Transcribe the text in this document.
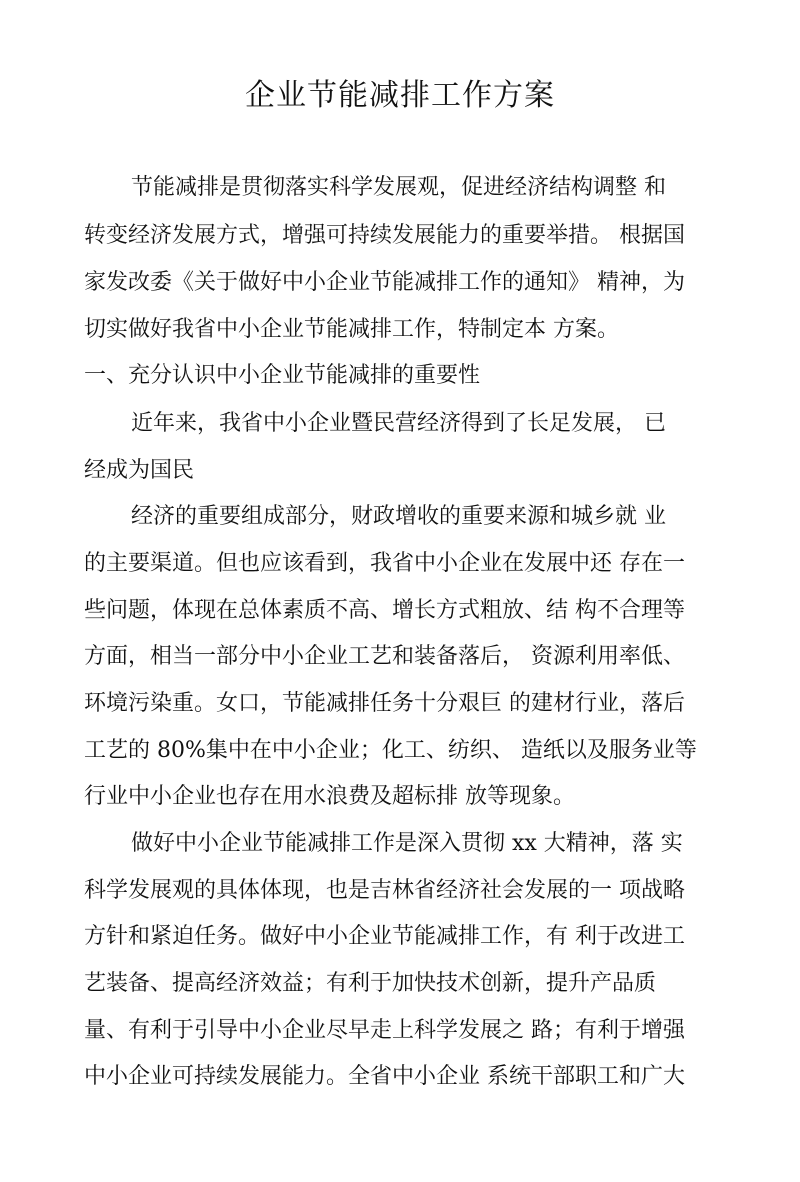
企业节能减排工作方案
节能减排是贯彻落实科学发展观，促进经济结构调整 和
转变经济发展方式，增强可持续发展能力的重要举措。 根据国
家发改委《关于做好中小企业节能减排工作的通知》 精神，为
切实做好我省中小企业节能减排工作，特制定本 方案。
一、充分认识中小企业节能减排的重要性
近年来，我省中小企业暨民营经济得到了长足发展， 已
经成为国民
经济的重要组成部分，财政增收的重要来源和城乡就 业
的主要渠道。但也应该看到，我省中小企业在发展中还 存在一
些问题，体现在总体素质不高、增长方式粗放、结 构不合理等
方面，相当一部分中小企业工艺和装备落后， 资源利用率低、
环境污染重。女口，节能减排任务十分艰巨 的建材行业，落后
工艺的 80%集中在中小企业；化工、纺织、 造纸以及服务业等
行业中小企业也存在用水浪费及超标排 放等现象。
做好中小企业节能减排工作是深入贯彻 xx 大精神，落 实
科学发展观的具体体现，也是吉林省经济社会发展的一 项战略
方针和紧迫任务。做好中小企业节能减排工作，有 利于改进工
艺装备、提高经济效益；有利于加快技术创新，提升产品质
量、有利于引导中小企业尽早走上科学发展之 路；有利于增强
中小企业可持续发展能力。全省中小企业 系统干部职工和广大
